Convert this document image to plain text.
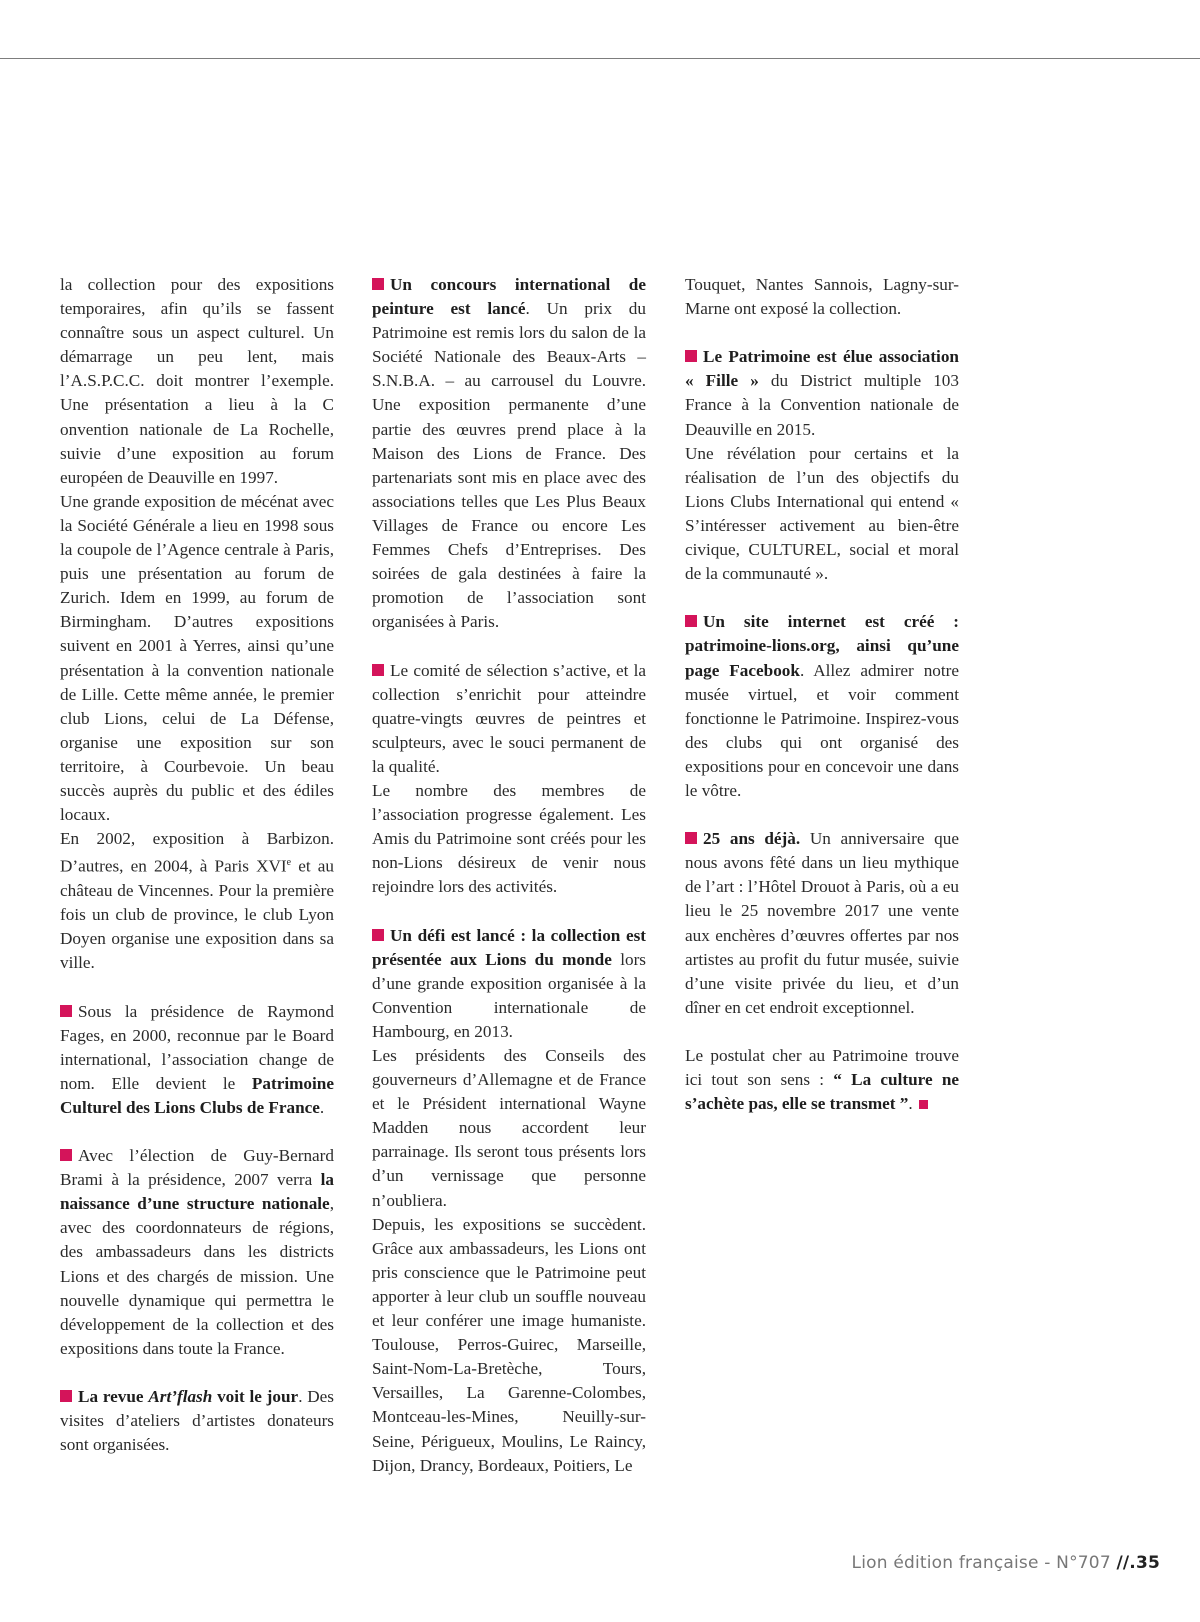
la collection pour des expositions temporaires, afin qu’ils se fassent connaître sous un aspect culturel. Un démarrage un peu lent, mais l’A.S.P.C.C. doit montrer l’exemple. Une présentation a lieu à la C onvention nationale de La Rochelle, suivie d’une exposition au forum européen de Deauville en 1997.

Une grande exposition de mécénat avec la Société Générale a lieu en 1998 sous la coupole de l’Agence centrale à Paris, puis une présentation au forum de Zurich. Idem en 1999, au forum de Birmingham. D’autres expositions suivent en 2001 à Yerres, ainsi qu’une présentation à la convention nationale de Lille. Cette même année, le premier club Lions, celui de La Défense, organise une exposition sur son territoire, à Courbevoie. Un beau succès auprès du public et des édiles locaux.

En 2002, exposition à Barbizon. D’autres, en 2004, à Paris XVIe et au château de Vincennes. Pour la première fois un club de province, le club Lyon Doyen organise une exposition dans sa ville.

Sous la présidence de Raymond Fages, en 2000, reconnue par le Board international, l’association change de nom. Elle devient le Patrimoine Culturel des Lions Clubs de France.

Avec l’élection de Guy-Bernard Brami à la présidence, 2007 verra la naissance d’une structure nationale, avec des coordonnateurs de régions, des ambassadeurs dans les districts Lions et des chargés de mission. Une nouvelle dynamique qui permettra le développement de la collection et des expositions dans toute la France.

La revue Art’flash voit le jour. Des visites d’ateliers d’artistes donateurs sont organisées.

Un concours international de peinture est lancé. Un prix du Patrimoine est remis lors du salon de la Société Nationale des Beaux-Arts – S.N.B.A. – au carrousel du Louvre. Une exposition permanente d’une partie des œuvres prend place à la Maison des Lions de France. Des partenariats sont mis en place avec des associations telles que Les Plus Beaux Villages de France ou encore Les Femmes Chefs d’Entreprises. Des soirées de gala destinées à faire la promotion de l’association sont organisées à Paris.

Le comité de sélection s’active, et la collection s’enrichit pour atteindre quatre-vingts œuvres de peintres et sculpteurs, avec le souci permanent de la qualité.

Le nombre des membres de l’association progresse également. Les Amis du Patrimoine sont créés pour les non-Lions désireux de venir nous rejoindre lors des activités.

Un défi est lancé : la collection est présentée aux Lions du monde lors d’une grande exposition organisée à la Convention internationale de Hambourg, en 2013.

Les présidents des Conseils des gouverneurs d’Allemagne et de France et le Président international Wayne Madden nous accordent leur parrainage. Ils seront tous présents lors d’un vernissage que personne n’oubliera.

Depuis, les expositions se succèdent. Grâce aux ambassadeurs, les Lions ont pris conscience que le Patrimoine peut apporter à leur club un souffle nouveau et leur conférer une image humaniste. Toulouse, Perros-Guirec, Marseille, Saint-Nom-La-Bretèche, Tours, Versailles, La Garenne-Colombes, Montceau-les-Mines, Neuilly-sur-Seine, Périgueux, Moulins, Le Raincy, Dijon, Drancy, Bordeaux, Poitiers, Le

Touquet, Nantes Sannois, Lagny-sur-Marne ont exposé la collection.

Le Patrimoine est élue association « Fille » du District multiple 103 France à la Convention nationale de Deauville en 2015.

Une révélation pour certains et la réalisation de l’un des objectifs du Lions Clubs International qui entend « S’intéresser activement au bien-être civique, CULTUREL, social et moral de la communauté ».

Un site internet est créé : patrimoine-lions.org, ainsi qu’une page Facebook. Allez admirer notre musée virtuel, et voir comment fonctionne le Patrimoine. Inspirez-vous des clubs qui ont organisé des expositions pour en concevoir une dans le vôtre.

25 ans déjà. Un anniversaire que nous avons fêté dans un lieu mythique de l’art : l’Hôtel Drouot à Paris, où a eu lieu le 25 novembre 2017 une vente aux enchères d’œuvres offertes par nos artistes au profit du futur musée, suivie d’une visite privée du lieu, et d’un dîner en cet endroit exceptionnel.

Le postulat cher au Patrimoine trouve ici tout son sens : “ La culture ne s’achète pas, elle se transmet ”.

Lion édition française - N°707 //.35
